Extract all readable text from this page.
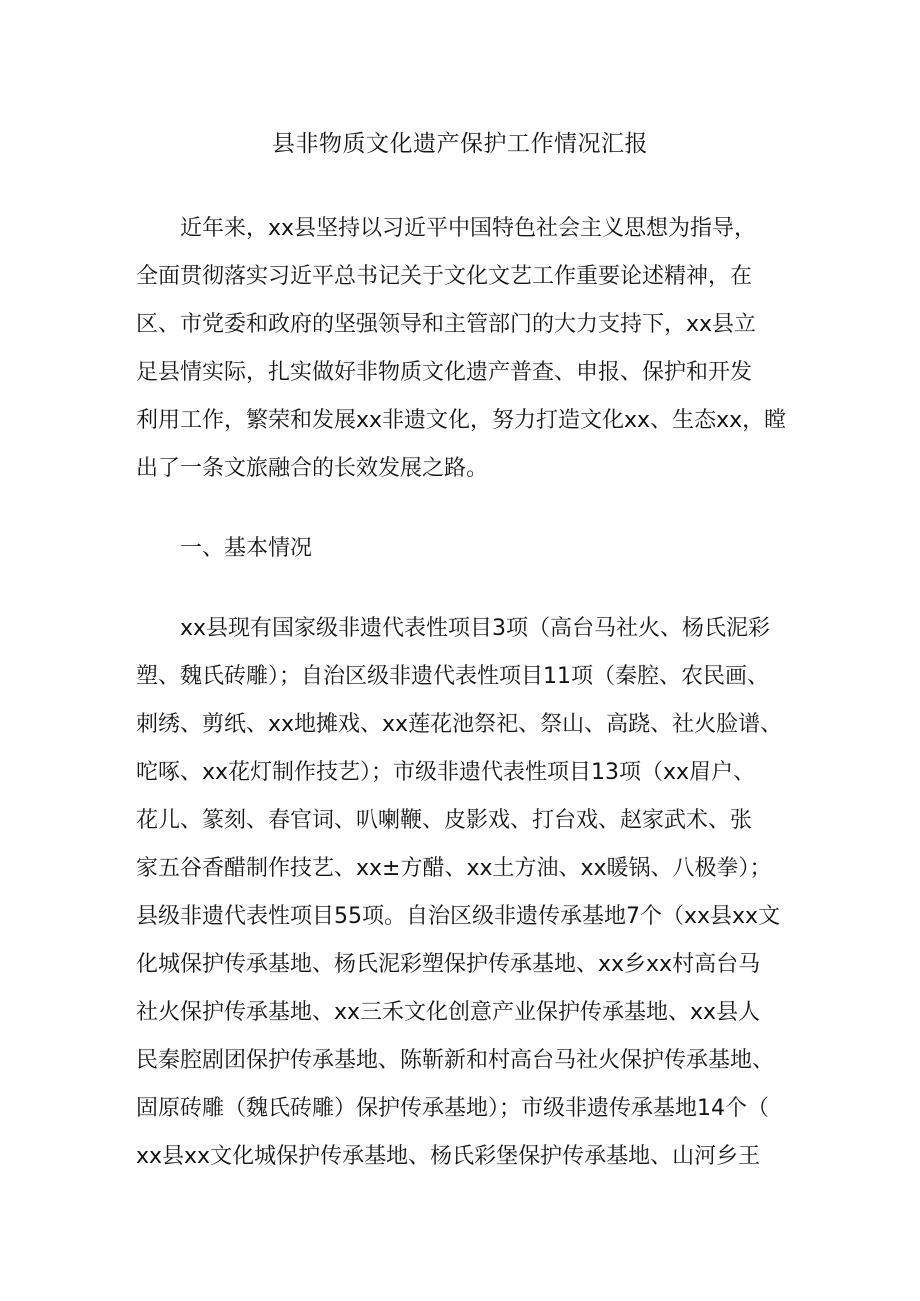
县非物质文化遗产保护工作情况汇报
近年来，xx县坚持以习近平中国特色社会主义思想为指导，
全面贯彻落实习近平总书记关于文化文艺工作重要论述精神，在
区、市党委和政府的坚强领导和主管部门的大力支持下，xx县立
足县情实际，扎实做好非物质文化遗产普查、申报、保护和开发
利用工作，繁荣和发展xx非遗文化，努力打造文化xx、生态xx，瞠
出了一条文旅融合的长效发展之路。
一、基本情况
xx县现有国家级非遗代表性项目3项（高台马社火、杨氏泥彩
塑、魏氏砖雕）；自治区级非遗代表性项目11项（秦腔、农民画、
刺绣、剪纸、xx地摊戏、xx莲花池祭祀、祭山、高跷、社火脸谱、
咜啄、xx花灯制作技艺）；市级非遗代表性项目13项（xx眉户、
花儿、篆刻、春官词、叭喇鞭、皮影戏、打台戏、赵家武术、张
家五谷香醋制作技艺、xx±方醋、xx土方油、xx暖锅、八极拳）；
县级非遗代表性项目55项。自治区级非遗传承基地7个（xx县xx文
化城保护传承基地、杨氏泥彩塑保护传承基地、xx乡xx村高台马
社火保护传承基地、xx三禾文化创意产业保护传承基地、xx县人
民秦腔剧团保护传承基地、陈靳新和村高台马社火保护传承基地、
固原砖雕（魏氏砖雕）保护传承基地）；市级非遗传承基地14个（
xx县xx文化城保护传承基地、杨氏彩堡保护传承基地、山河乡王
